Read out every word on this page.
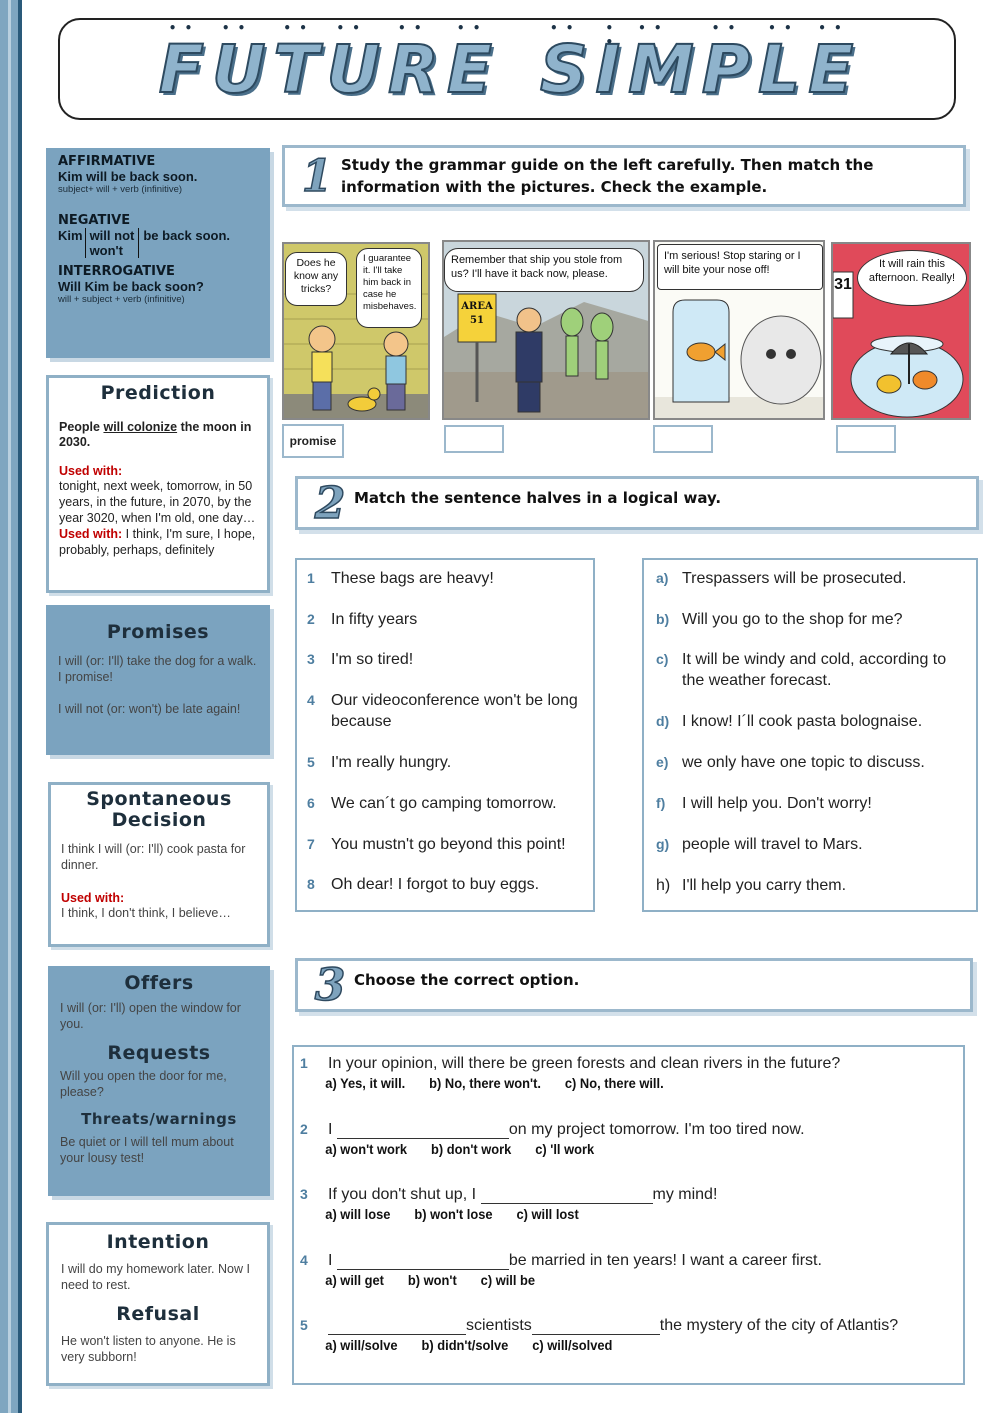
• • F • • U • • T • • U • • R • • E • • S • • I • • M • • P • • L • • E
AFFIRMATIVE
Kim will be back soon.
subject+ will + verb (infinitive)
NEGATIVE
Kim will not
won't
be back soon.
INTERROGATIVE
Will Kim be back soon?
will + subject + verb (infinitive)
Prediction
People will colonize the moon in 2030.
Used with:
tonight, next week, tomorrow, in 50 years, in the future, in 2070, by the year 3020, when I'm old, one day…
Used with: I think, I'm sure, I hope, probably, perhaps, definitely
Promises
I will (or: I'll) take the dog for a walk. I promise!
I will not (or: won't) be late again!
Spontaneous
Decision
I think I will (or: I'll) cook pasta for dinner.
Used with:
I think, I don't think, I believe…
Offers
I will (or: I'll) open the window for you.
Requests
Will you open the door for me, please?
Threats/warnings
Be quiet or I will tell mum about your lousy test!
Intention
I will do my homework later. Now I need to rest.
Refusal
He won't listen to anyone. He is very subborn!
1 Study the grammar guide on the left carefully. Then match the information with the pictures. Check the example.
Does he know any tricks?
I guarantee it. I'll take him back in case he misbehaves.	AREA
51
Remember that ship you stole from us? I'll have it back now, please.
I'm serious! Stop staring or I will bite your nose off!
31
It will rain this afternoon. Really!
promise
2 Match the sentence halves in a logical way.
1	These bags are heavy!
2	In fifty years
3	I'm so tired!
4	Our videoconference won't be long because
5	I'm really hungry.
6	We can´t go camping tomorrow.
7	You mustn't go beyond this point!
8	Oh dear! I forgot to buy eggs.
a) Trespassers will be prosecuted.
b) Will you go to the shop for me?
c) It will be windy and cold, according to the weather forecast.
d) I know! I´ll cook pasta bolognaise.
e) we only have one topic to discuss.
f)	I will help you. Don't worry!
g) people will travel to Mars.
h) I'll help you carry them.
3 Choose the correct option.
1	In your opinion, will there be green forests and clean rivers in the future?
a) Yes, it will. b) No, there won't. c) No, there will.
2	I
	on my project tomorrow. I'm too tired now.
a) won't work b) don't work c) 'll work
3	If you don't shut up, I
	my mind!
a) will lose b) won't lose c) will lost
4	I
	be married in ten years! I want a career first.
a) will get b) won't c) will be
5	scientists	the mystery of the city of Atlantis?
a) will/solve b) didn't/solve c) will/solved
